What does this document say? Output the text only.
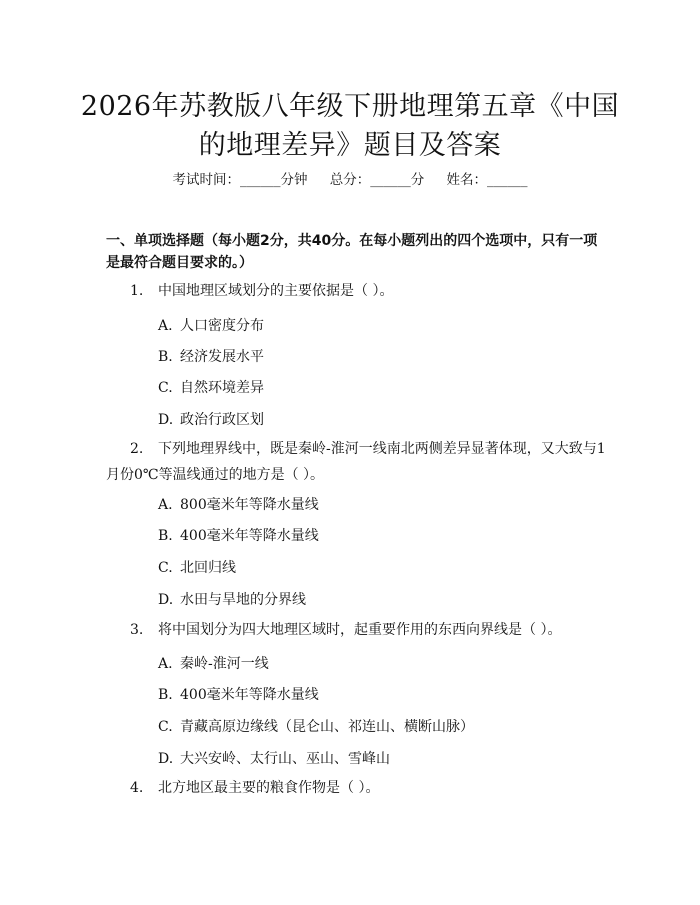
2026年苏教版八年级下册地理第五章《中国
的地理差异》题目及答案
考试时间：______分钟 总分：______分 姓名：______
一、单项选择题（每小题2分，共40分。在每小题列出的四个选项中，只有一项是最符合题目要求的。）
1. 中国地理区域划分的主要依据是（ ）。
A. 人口密度分布
B. 经济发展水平
C. 自然环境差异
D. 政治行政区划
2. 下列地理界线中，既是秦岭-淮河一线南北两侧差异显著体现，又大致与1月份0℃等温线通过的地方是（ ）。
A. 800毫米年等降水量线
B. 400毫米年等降水量线
C. 北回归线
D. 水田与旱地的分界线
3. 将中国划分为四大地理区域时，起重要作用的东西向界线是（ ）。
A. 秦岭-淮河一线
B. 400毫米年等降水量线
C. 青藏高原边缘线（昆仑山、祁连山、横断山脉）
D. 大兴安岭、太行山、巫山、雪峰山
4. 北方地区最主要的粮食作物是（ ）。
